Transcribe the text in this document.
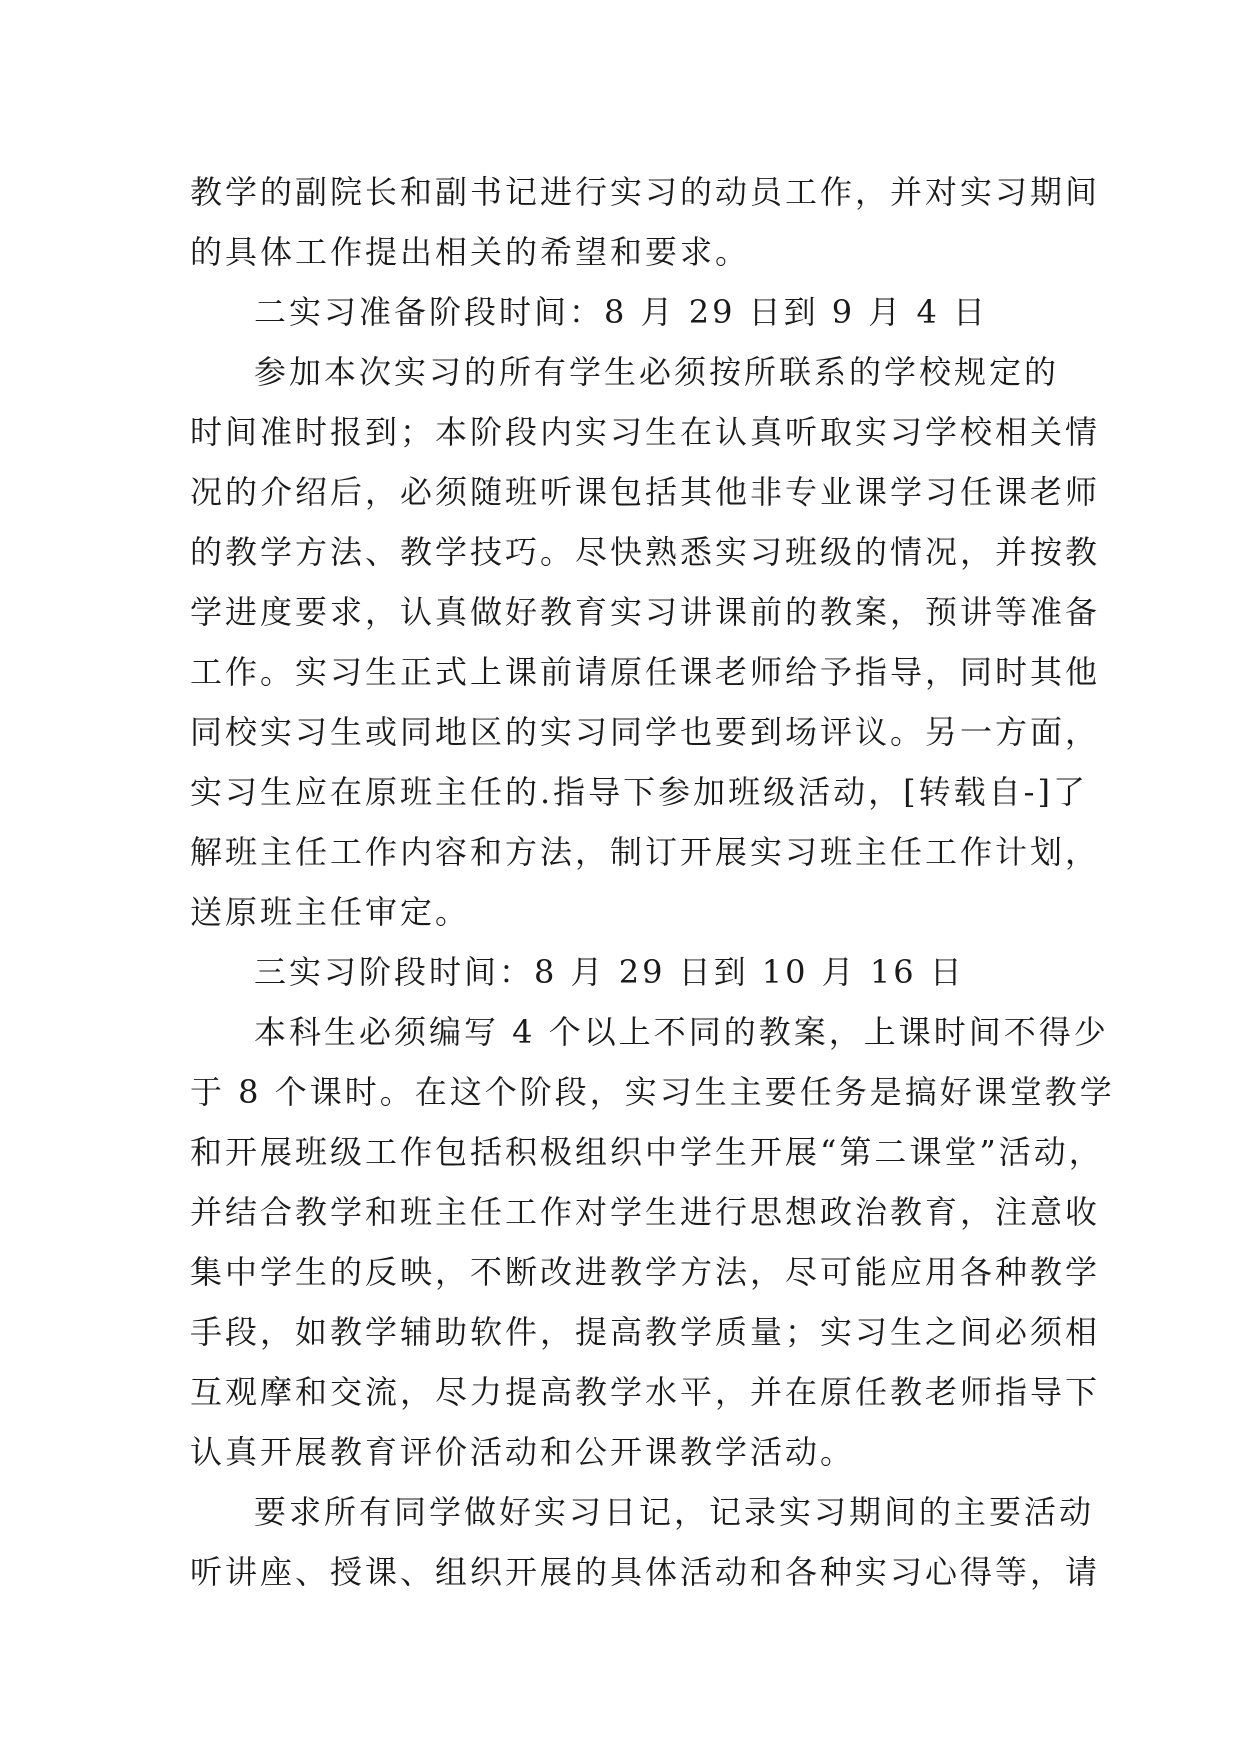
教学的副院长和副书记进行实习的动员工作，并对实习期间
的具体工作提出相关的希望和要求。
二实习准备阶段时间：8 月 29 日到 9 月 4 日
参加本次实习的所有学生必须按所联系的学校规定的
时间准时报到；本阶段内实习生在认真听取实习学校相关情
况的介绍后，必须随班听课包括其他非专业课学习任课老师
的教学方法、教学技巧。尽快熟悉实习班级的情况，并按教
学进度要求，认真做好教育实习讲课前的教案，预讲等准备
工作。实习生正式上课前请原任课老师给予指导，同时其他
同校实习生或同地区的实习同学也要到场评议。另一方面，
实习生应在原班主任的.指导下参加班级活动，[转载自-]了
解班主任工作内容和方法，制订开展实习班主任工作计划，
送原班主任审定。
三实习阶段时间：8 月 29 日到 10 月 16 日
本科生必须编写 4 个以上不同的教案，上课时间不得少
于 8 个课时。在这个阶段，实习生主要任务是搞好课堂教学
和开展班级工作包括积极组织中学生开展“第二课堂”活动，
并结合教学和班主任工作对学生进行思想政治教育，注意收
集中学生的反映，不断改进教学方法，尽可能应用各种教学
手段，如教学辅助软件，提高教学质量；实习生之间必须相
互观摩和交流，尽力提高教学水平，并在原任教老师指导下
认真开展教育评价活动和公开课教学活动。
要求所有同学做好实习日记，记录实习期间的主要活动
听讲座、授课、组织开展的具体活动和各种实习心得等，请
